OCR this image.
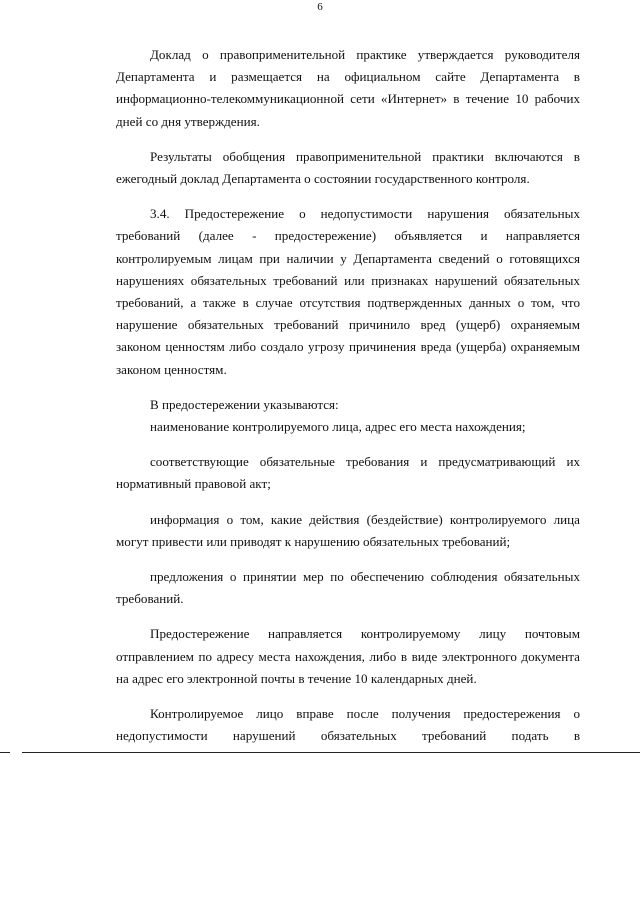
6

Доклад о правоприменительной практике утверждается руководителя Департамента и размещается на официальном сайте Департамента в информационно-телекоммуникационной сети «Интернет» в течение 10 рабочих дней со дня утверждения.

Результаты обобщения правоприменительной практики включаются в ежегодный доклад Департамента о состоянии государственного контроля.

3.4. Предостережение о недопустимости нарушения обязательных требований (далее - предостережение) объявляется и направляется контролируемым лицам при наличии у Департамента сведений о готовящихся нарушениях обязательных требований или признаках нарушений обязательных требований, а также в случае отсутствия подтвержденных данных о том, что нарушение обязательных требований причинило вред (ущерб) охраняемым законом ценностям либо создало угрозу причинения вреда (ущерба) охраняемым законом ценностям.

В предостережении указываются:

наименование контролируемого лица, адрес его места нахождения;

соответствующие обязательные требования и предусматривающий их нормативный правовой акт;

информация о том, какие действия (бездействие) контролируемого лица могут привести или приводят к нарушению обязательных требований;

предложения о принятии мер по обеспечению соблюдения обязательных требований.

Предостережение направляется контролируемому лицу почтовым отправлением по адресу места нахождения, либо в виде электронного документа на адрес его электронной почты в течение 10 календарных дней.

Контролируемое лицо вправе после получения предостережения о недопустимости нарушений обязательных требований подать в
